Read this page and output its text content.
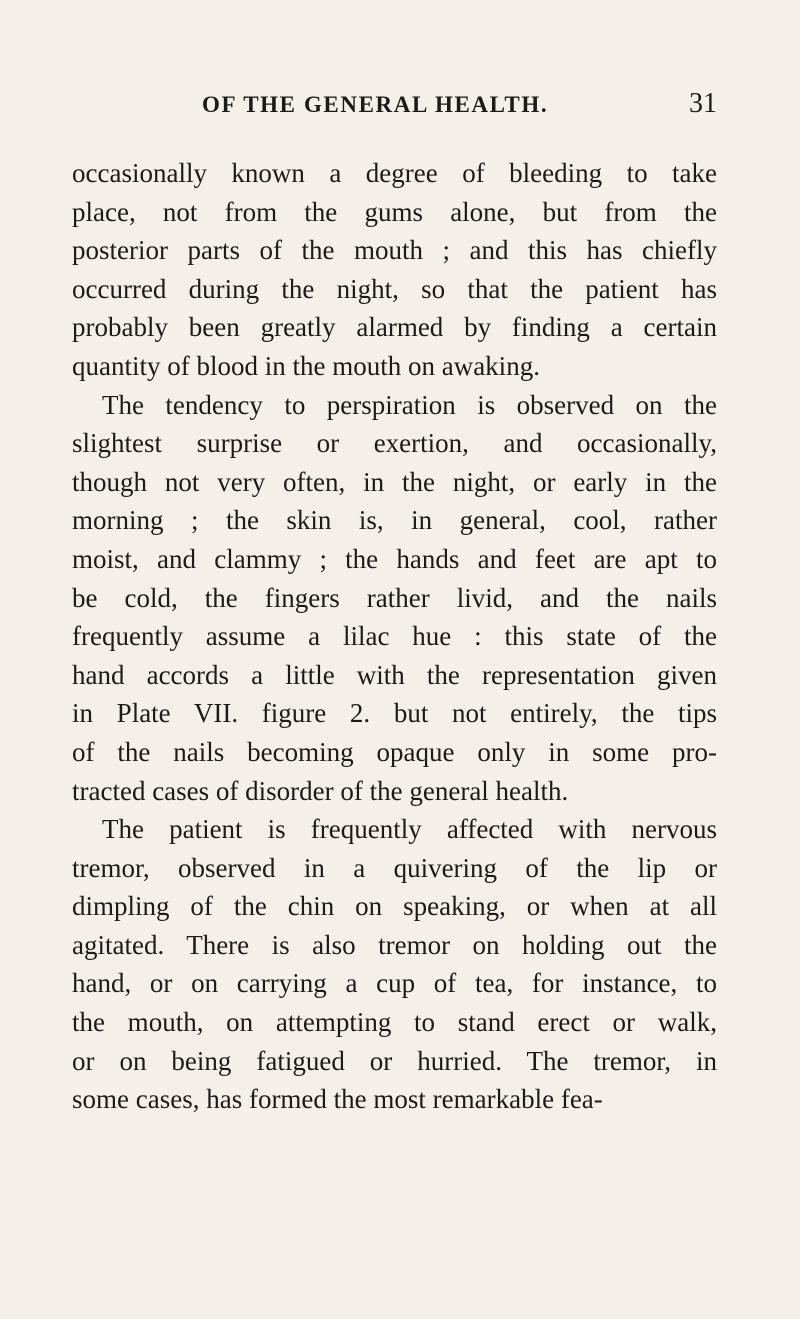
OF THE GENERAL HEALTH.	31
occasionally known a degree of bleeding to take
place, not from the gums alone, but from the
posterior parts of the mouth ; and this has chiefly
occurred during the night, so that the patient has
probably been greatly alarmed by finding a certain
quantity of blood in the mouth on awaking.
The tendency to perspiration is observed on the
slightest surprise or exertion, and occasionally,
though not very often, in the night, or early in the
morning ; the skin is, in general, cool, rather
moist, and clammy ; the hands and feet are apt to
be cold, the fingers rather livid, and the nails
frequently assume a lilac hue : this state of the
hand accords a little with the representation given
in Plate VII. figure 2. but not entirely, the tips
of the nails becoming opaque only in some pro-
tracted cases of disorder of the general health.
The patient is frequently affected with nervous
tremor, observed in a quivering of the lip or
dimpling of the chin on speaking, or when at all
agitated. There is also tremor on holding out the
hand, or on carrying a cup of tea, for instance, to
the mouth, on attempting to stand erect or walk,
or on being fatigued or hurried. The tremor, in
some cases, has formed the most remarkable fea-
